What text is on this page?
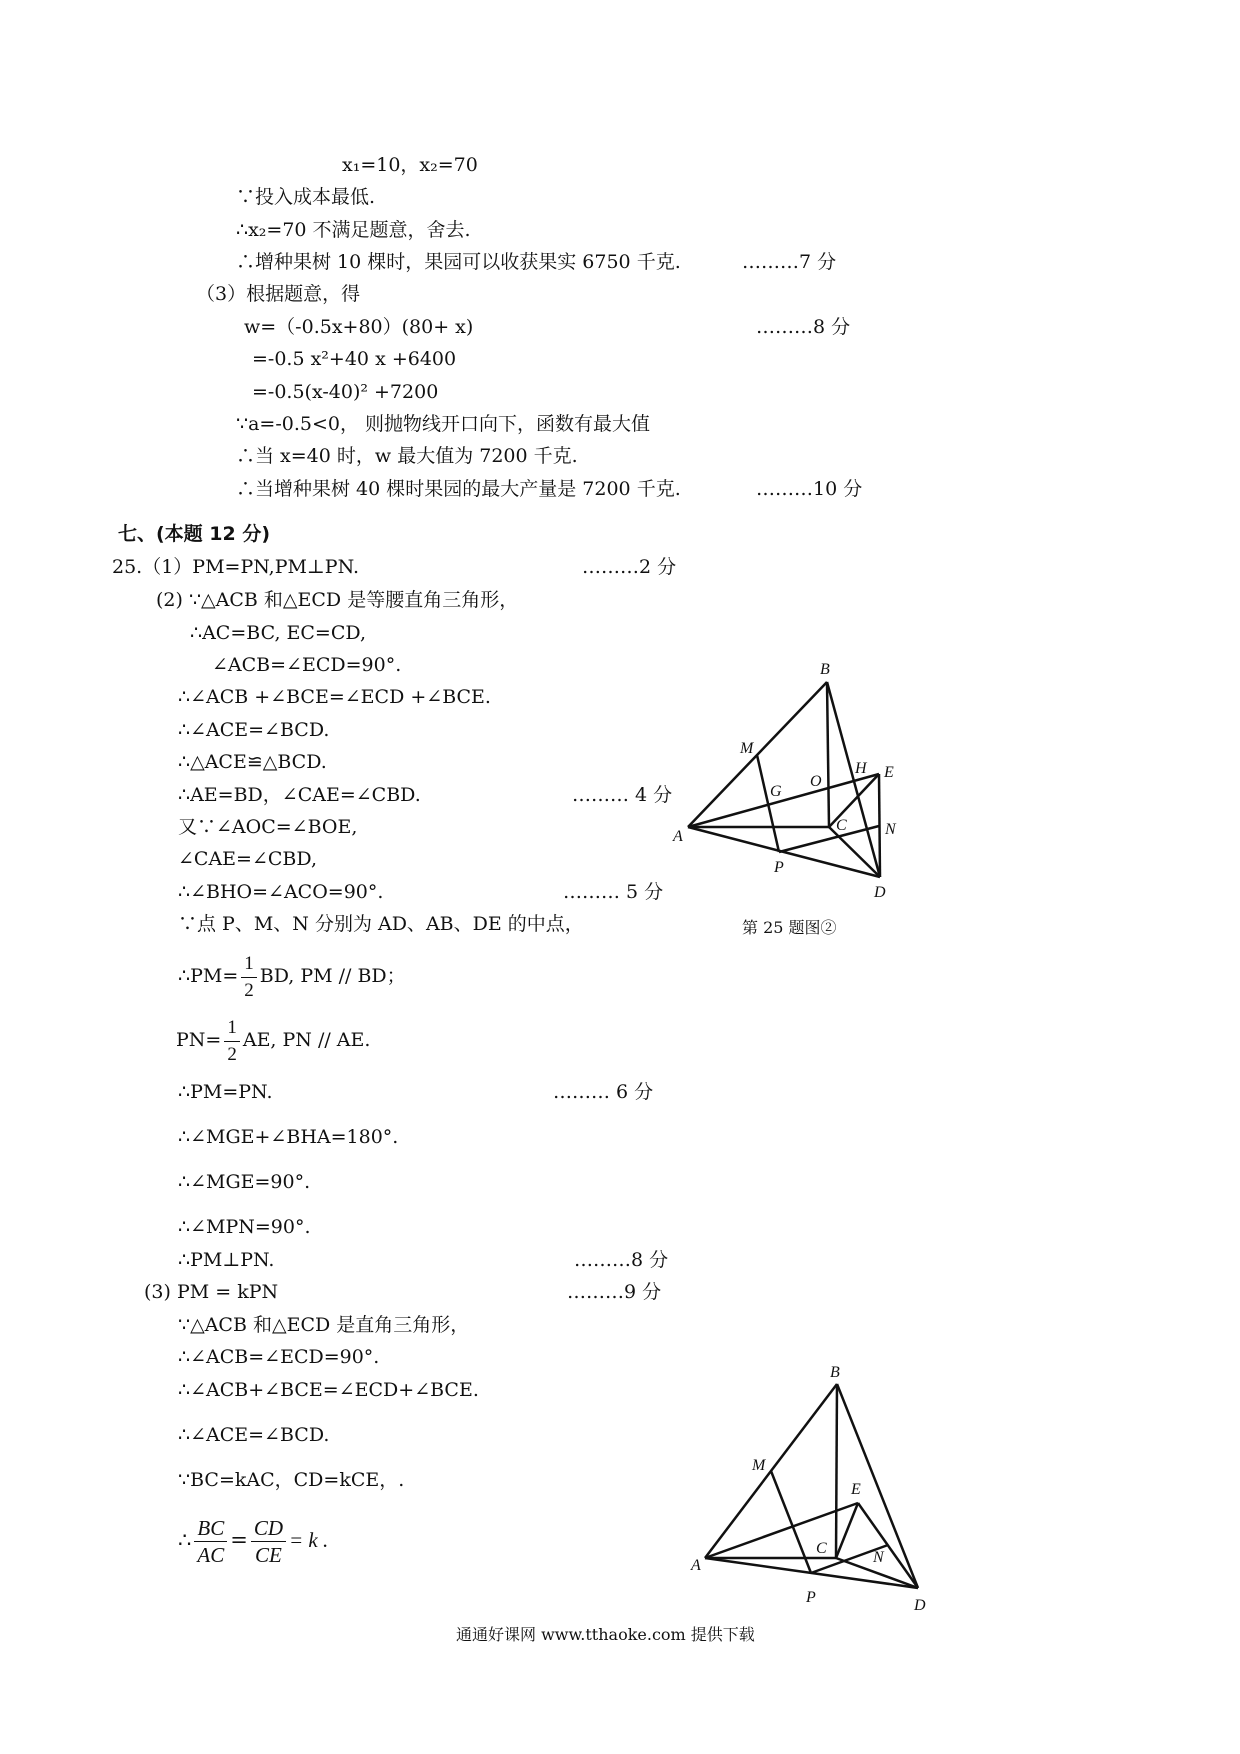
x₁=10，x₂=70
∵投入成本最低.
∴x₂=70 不满足题意，舍去.
∴增种果树 10 棵时，果园可以收获果实 6750 千克.	………7 分
（3）根据题意，得
w=（-0.5x+80）(80+ x)	………8 分
=-0.5 x²+40 x +6400
=-0.5(x-40)² +7200
∵a=-0.5<0， 则抛物线开口向下，函数有最大值
∴当 x=40 时，w 最大值为 7200 千克.
∴当增种果树 40 棵时果园的最大产量是 7200 千克.	………10 分
七、(本题 12 分)
25.（1）PM=PN,PM⊥PN.	………2 分
(2) ∵△ACB 和△ECD 是等腰直角三角形，
∴AC=BC, EC=CD,
∠ACB=∠ECD=90°.
∴∠ACB +∠BCE=∠ECD +∠BCE.
∴∠ACE=∠BCD.
∴△ACE≌△BCD.
∴AE=BD，∠CAE=∠CBD.	……… 4 分
又∵∠AOC=∠BOE,
∠CAE=∠CBD,
∴∠BHO=∠ACO=90°.	……… 5 分
∵点 P、M、N 分别为 AD、AB、DE 的中点，
∴PM= $\frac{1}{2}$ BD, PM // BD；
$PN= \frac{1}{2}$ AE, PN // AE.
∴PM=PN.	……… 6 分
∴∠MGE+∠BHA=180°.
∴∠MGE=90°.
∴∠MPN=90°.
∴PM⊥PN.	………8 分
(3) PM = kPN	………9 分
∵△ACB 和△ECD 是直角三角形，
∴∠ACB=∠ECD=90°.
∴∠ACB+∠BCE=∠ECD+∠BCE.
∴∠ACE=∠BCD.
∵BC=kAC，CD=kCE，.
∴ $\frac{BC}{AC} = \frac{CD}{CE} = k$ .
B
M
G
O
H E
C N
A
P
D
第 25 题图②
B
M
E
C
N
A
P	D
通通好课网 www.tthaoke.com 提供下载
